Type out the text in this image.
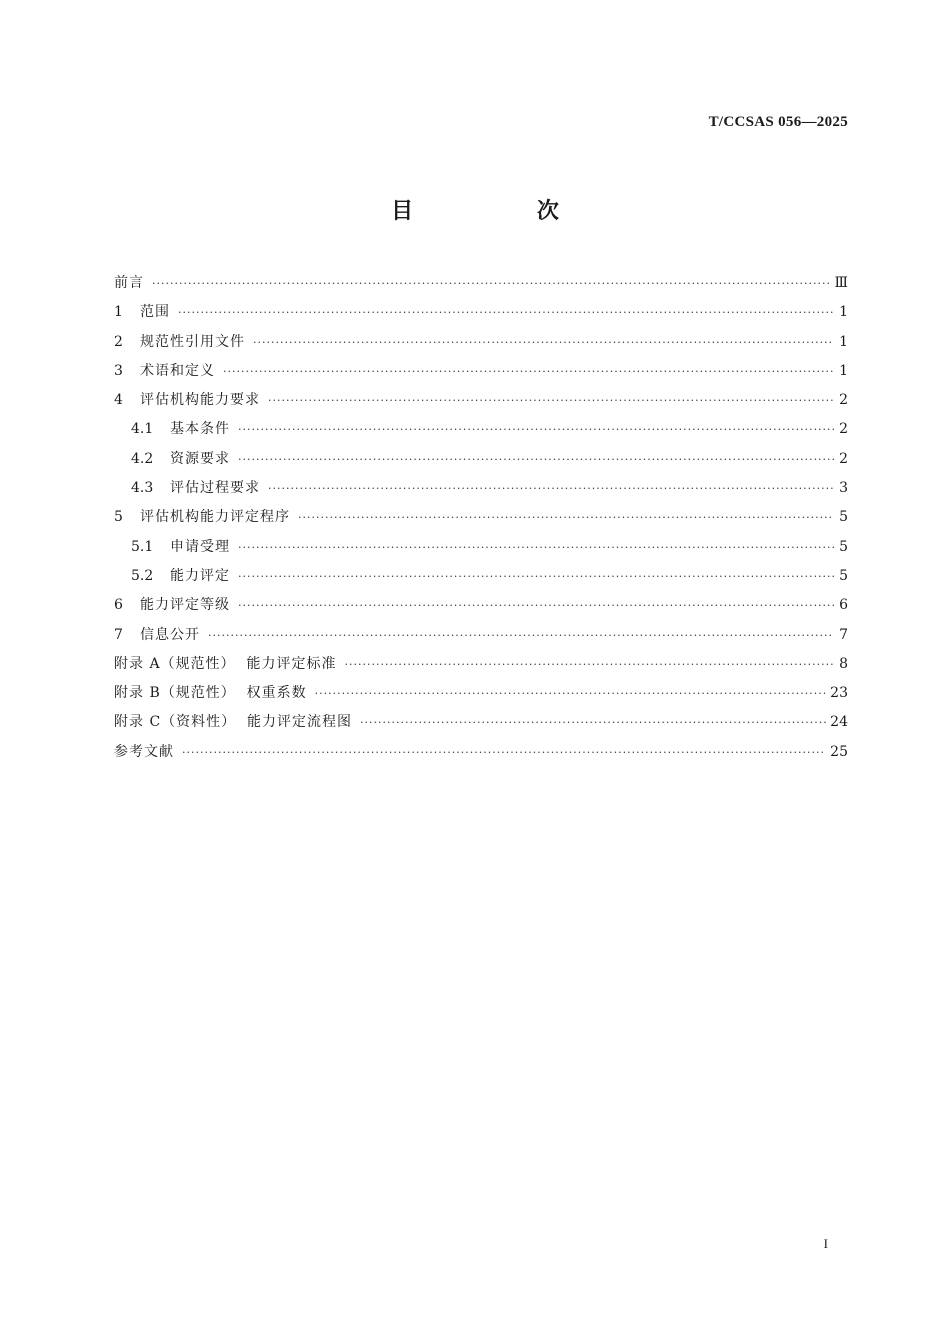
T/CCSAS 056—2025
目 次
前言 ·····	Ⅲ
1	范围 ·····	1
2	规范性引用文件 ·····	1
3	术语和定义 ·····	1
4	评估机构能力要求 ·····	2
4.1	基本条件 ·····	2
4.2	资源要求 ·····	2
4.3	评估过程要求 ·····	3
5	评估机构能力评定程序 ·····	5
5.1	申请受理 ·····	5
5.2	能力评定 ·····	5
6	能力评定等级 ·····	6
7	信息公开 ·····	7
附录 A（规范性）  能力评定标准 ·····	8
附录 B（规范性）  权重系数 ·····	23
附录 C（资料性）  能力评定流程图 ·····	24
参考文献 ·····	25
I
